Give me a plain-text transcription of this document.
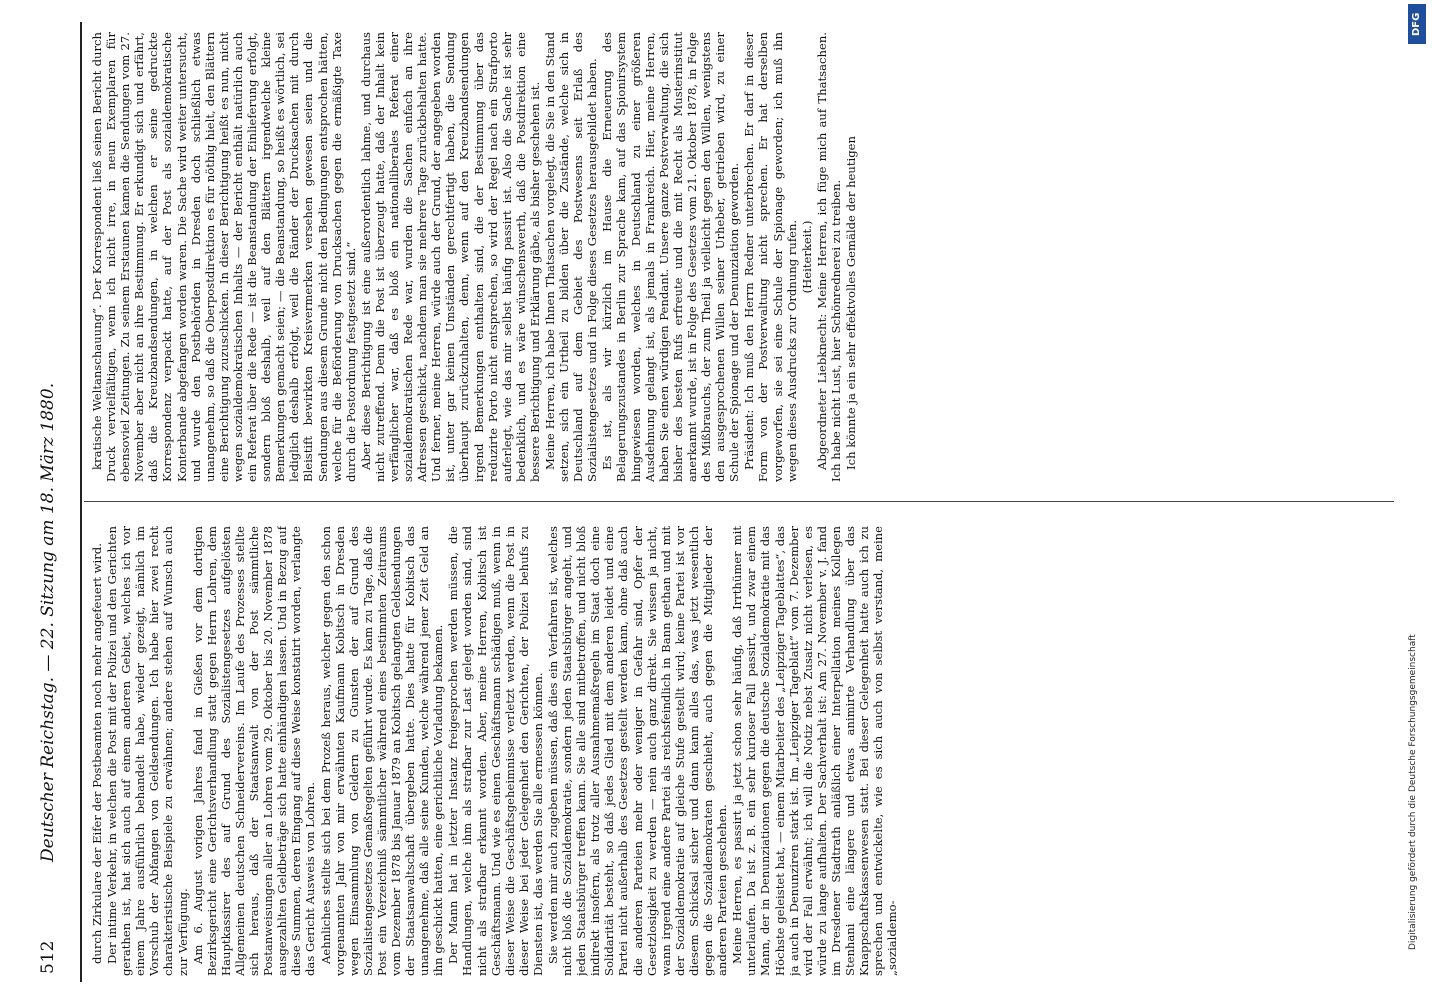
512
Deutscher Reichstag. — 22. Sitzung am 18. März 1880.	durch Zirkulare der Eifer der Postbeamten noch mehr angefeuert wird. Der intime Verkehr, in welchen die Post mit der Polizei und den Gerichten gerathen ist, hat sich auch auf einem anderen Gebiet, welches ich vor einem Jahre ausführlich behandelt habe, wieder gezeigt, nämlich im Vorschub der Abfangen von Geldsendungen. Ich habe hier zwei recht charakteristische Beispiele zu erwähnen; andere stehen auf Wunsch auch zur Verfügung. Am 6. August vorigen Jahres fand in Gießen vor dem dortigen Bezirksgericht eine Gerichtsverhandlung statt gegen Herrn Lohren, dem Hauptkassirer des auf Grund des Sozialistengesetzes aufgelösten Allgemeinen deutschen Schneidervereins. Im Laufe des Prozesses stellte sich heraus, daß der Staatsanwalt von der Post sämmtliche Postanweisungen aller an Lohren vom 29. Oktober bis 20. November 1878 ausgezahlten Geldbeträge sich hatte einhändigen lassen. Und in Bezug auf diese Summen, deren Eingang auf diese Weise konstatirt worden, verlangte das Gericht Ausweis von Lohren. Aehnliches stellte sich bei dem Prozeß heraus, welcher gegen den schon vorgenannten Jahr von mir erwähnten Kaufmann Kobitsch in Dresden wegen Einsammlung von Geldern zu Gunsten der auf Grund des Sozialistengesetzes Gemaßregelten geführt wurde. Es kam zu Tage, daß die Post ein Verzeichniß sämmtlicher während eines bestimmten Zeitraums vom Dezember 1878 bis Januar 1879 an Kobitsch gelangten Geldsendungen der Staatsanwaltschaft übergeben hatte. Dies hatte für Kobitsch das unangenehme, daß alle seine Kunden, welche während jener Zeit Geld an ihn geschickt hatten, eine gerichtliche Vorladung bekamen. Der Mann hat in letzter Instanz freigesprochen werden müssen, die Handlungen, welche ihm als strafbar zur Last gelegt worden sind, sind nicht als strafbar erkannt worden. Aber, meine Herren, Kobitsch ist Geschäftsmann. Und wie es einen Geschäftsmann schädigen muß, wenn in dieser Weise die Geschäftsgeheimnisse verletzt werden, wenn die Post in dieser Weise bei jeder Gelegenheit den Gerichten, der Polizei behufs zu Diensten ist, das werden Sie alle ermessen können. Sie werden mir auch zugeben müssen, daß dies ein Verfahren ist, welches nicht bloß die Sozialdemokratie, sondern jeden Staatsbürger angeht, und jeden Staatsbürger treffen kann. Sie alle sind mitbetroffen, und nicht bloß indirekt insofern, als trotz aller Ausnahmemaßregeln im Staat doch eine Solidarität besteht, so daß jedes Glied mit dem anderen leidet und eine Partei nicht außerhalb des Gesetzes gestellt werden kann, ohne daß auch die anderen Parteien mehr oder weniger in Gefahr sind, Opfer der Gesetzlosigkeit zu werden — nein auch ganz direkt. Sie wissen ja nicht, wann irgend eine andere Partei als reichsfeindlich in Bann gethan und mit der Sozialdemokratie auf gleiche Stufe gestellt wird; keine Partei ist vor diesem Schicksal sicher und dann kann alles das, was jetzt wesentlich gegen die Sozialdemokraten geschieht, auch gegen die Mitglieder der anderen Parteien geschehen. Meine Herren, es passirt ja jetzt schon sehr häufig, daß Irrthümer mit unterlaufen. Da ist z. B. ein sehr kurioser Fall passirt, und zwar einem Mann, der in Denunziationen gegen die deutsche Sozialdemokratie mit das Höchste geleistet hat, — einem Mitarbeiter des „Leipziger Tageblattes“, das ja auch in Denunziren stark ist. Im „Leipziger Tageblatt“ vom 7. Dezember wird der Fall erwähnt; ich will die Notiz nebst Zusatz nicht verlesen, es würde zu lange aufhalten. Der Sachverhalt ist: Am 27. November v. J. fand im Dresdener Stadtrath anläßlich einer Interpellation meines Kollegen Stenhani eine längere und etwas animirte Verhandlung über das Knappschaftskassenwesen statt. Bei dieser Gelegenheit hatte auch ich zu sprechen und entwickelte, wie es sich auch von selbst verstand, meine „sozialdemo-

kratische Weltanschauung“. Der Korrespondent ließ seinen Bericht durch Druck vervielfältigen, wenn ich nicht irre, in neun Exemplaren für ebensoviel Zeitungen. Zu seinem Erstaunen kamen die Sendungen vom 27. November aber nicht an ihre Bestimmung. Er erkundigt sich und erfährt, daß die Kreuzbandsendungen, in welchen er seine gedruckte Korrespondenz verpackt hatte, auf der Post als sozialdemokratische Konterbande abgefangen worden waren. Die Sache wird weiter untersucht, und wurde den Postbehörden in Dresden doch schließlich etwas unangenehm, so daß die Oberpostdirektion es für nöthig hielt, den Blättern eine Berichtigung zuzuschicken. In dieser Berichtigung heißt es nun, nicht wegen sozialdemokratischen Inhalts — der Bericht enthält natürlich auch ein Referat über die Rede — ist die Beanstandung der Einlieferung erfolgt, sondern bloß deshalb, weil auf den Blättern irgendwelche kleine Bemerkungen gemacht seien; — die Beanstandung, so heißt es wörtlich, sei lediglich deshalb erfolgt, weil die Ränder der Drucksachen mit durch Bleistift bewirkten Kreisvermerken versehen gewesen seien und die Sendungen aus diesem Grunde nicht den Bedingungen entsprochen hätten, welche für die Beförderung von Drucksachen gegen die ermäßigte Taxe durch die Postordnung festgesetzt sind.“ Aber diese Berichtigung ist eine außerordentlich lahme, und durchaus nicht zutreffend. Denn die Post ist überzeugt hatte, daß der Inhalt kein verfänglicher war, daß es bloß ein nationalliberales Referat einer sozialdemokratischen Rede war, wurden die Sachen einfach an ihre Adressen geschickt, nachdem man sie mehrere Tage zurückbehalten hatte. Und ferner, meine Herren, würde auch der Grund, der angegeben worden ist, unter gar keinen Umständen gerechtfertigt haben, die Sendung überhaupt zurückzuhalten, denn, wenn auf den Kreuzbandsendungen irgend Bemerkungen enthalten sind, die der Bestimmung über das reduzirte Porto nicht entsprechen, so wird der Regel nach ein Strafporto auferlegt, wie das mir selbst häufig passirt ist. Also die Sache ist sehr bedenklich, und es wäre wünschenswerth, daß die Postdirektion eine bessere Berichtigung und Erklärung gäbe, als bisher geschehen ist. Meine Herren, ich habe Ihnen Thatsachen vorgelegt, die Sie in den Stand setzen, sich ein Urtheil zu bilden über die Zustände, welche sich in Deutschland auf dem Gebiet des Postwesens seit Erlaß des Sozialistengesetzes und in Folge dieses Gesetzes herausgebildet haben. Es ist, als wir kürzlich im Hause die Erneuerung des Belagerungszustandes in Berlin zur Sprache kam, auf das Spionirsystem hingewiesen worden, welches in Deutschland zu einer größeren Ausdehnung gelangt ist, als jemals in Frankreich. Hier, meine Herren, haben Sie einen würdigen Pendant. Unsere ganze Postverwaltung, die sich bisher des besten Rufs erfreute und die mit Recht als Musterinstitut anerkannt wurde, ist in Folge des Gesetzes vom 21. Oktober 1878, in Folge des Mißbrauchs, der zum Theil ja vielleicht gegen den Willen, wenigstens den ausgesprochenen Willen seiner Urheber, getrieben wird, zu einer Schule der Spionage und der Denunziation geworden. Präsident: Ich muß den Herrn Redner unterbrechen. Er darf in dieser Form von der Postverwaltung nicht sprechen. Er hat derselben vorgeworfen, sie sei eine Schule der Spionage geworden; ich muß ihn wegen dieses Ausdrucks zur Ordnung rufen. (Heiterkeit.) Abgeordneter Liebknecht: Meine Herren, ich füge mich auf Thatsachen. Ich habe nicht Lust, hier Schönrednerei zu treiben. Ich könnte ja ein sehr effektvolles Gemälde der heutigen

DFG
Digitalisierung gefördert durch die Deutsche Forschungsgemeinschaft
